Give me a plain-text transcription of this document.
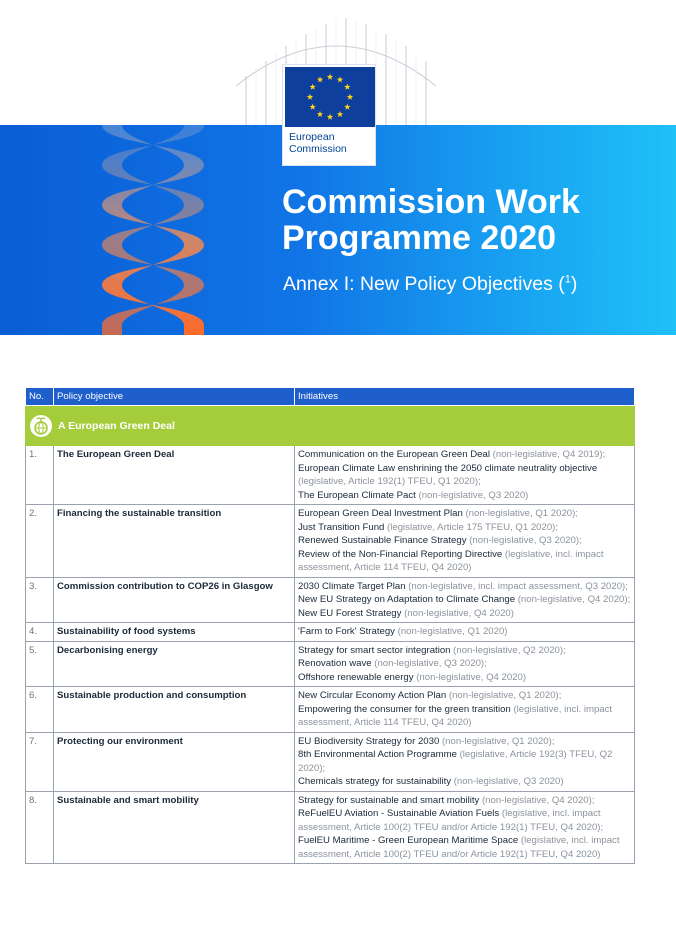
European
Commission
Commission Work
Programme 2020
Annex I: New Policy Objectives ($^1$)
No.	Policy objective	Initiatives

A European Green Deal		
1.	The European Green Deal	Communication on the European Green Deal (non-legislative, Q4 2019);
European Climate Law enshrining the 2050 climate neutrality objective (legislative, Article 192(1) TFEU, Q1 2020);
The European Climate Pact (non-legislative, Q3 2020)

2.	Financing the sustainable transition	European Green Deal Investment Plan (non-legislative, Q1 2020);
Just Transition Fund (legislative, Article 175 TFEU, Q1 2020);
Renewed Sustainable Finance Strategy (non-legislative, Q3 2020);
Review of the Non-Financial Reporting Directive (legislative, incl. impact assessment, Article 114 TFEU, Q4 2020)

3.	Commission contribution to COP26 in Glasgow	2030 Climate Target Plan (non-legislative, incl. impact assessment, Q3 2020);
New EU Strategy on Adaptation to Climate Change (non-legislative, Q4 2020);
New EU Forest Strategy (non-legislative, Q4 2020)

4.	Sustainability of food systems	'Farm to Fork' Strategy (non-legislative, Q1 2020)

5.	Decarbonising energy	Strategy for smart sector integration (non-legislative, Q2 2020);
Renovation wave (non-legislative, Q3 2020);
Offshore renewable energy (non-legislative, Q4 2020)

6.	Sustainable production and consumption	New Circular Economy Action Plan (non-legislative, Q1 2020);
Empowering the consumer for the green transition (legislative, incl. impact assessment, Article 114 TFEU, Q4 2020)

7.	Protecting our environment	EU Biodiversity Strategy for 2030 (non-legislative, Q1 2020);
8th Environmental Action Programme (legislative, Article 192(3) TFEU, Q2 2020);
Chemicals strategy for sustainability (non-legislative, Q3 2020)

8.	Sustainable and smart mobility	Strategy for sustainable and smart mobility (non-legislative, Q4 2020);
ReFuelEU Aviation - Sustainable Aviation Fuels (legislative, incl. impact assessment, Article 100(2) TFEU and/or Article 192(1) TFEU, Q4 2020);
FuelEU Maritime - Green European Maritime Space (legislative, incl. impact assessment, Article 100(2) TFEU and/or Article 192(1) TFEU, Q4 2020)
